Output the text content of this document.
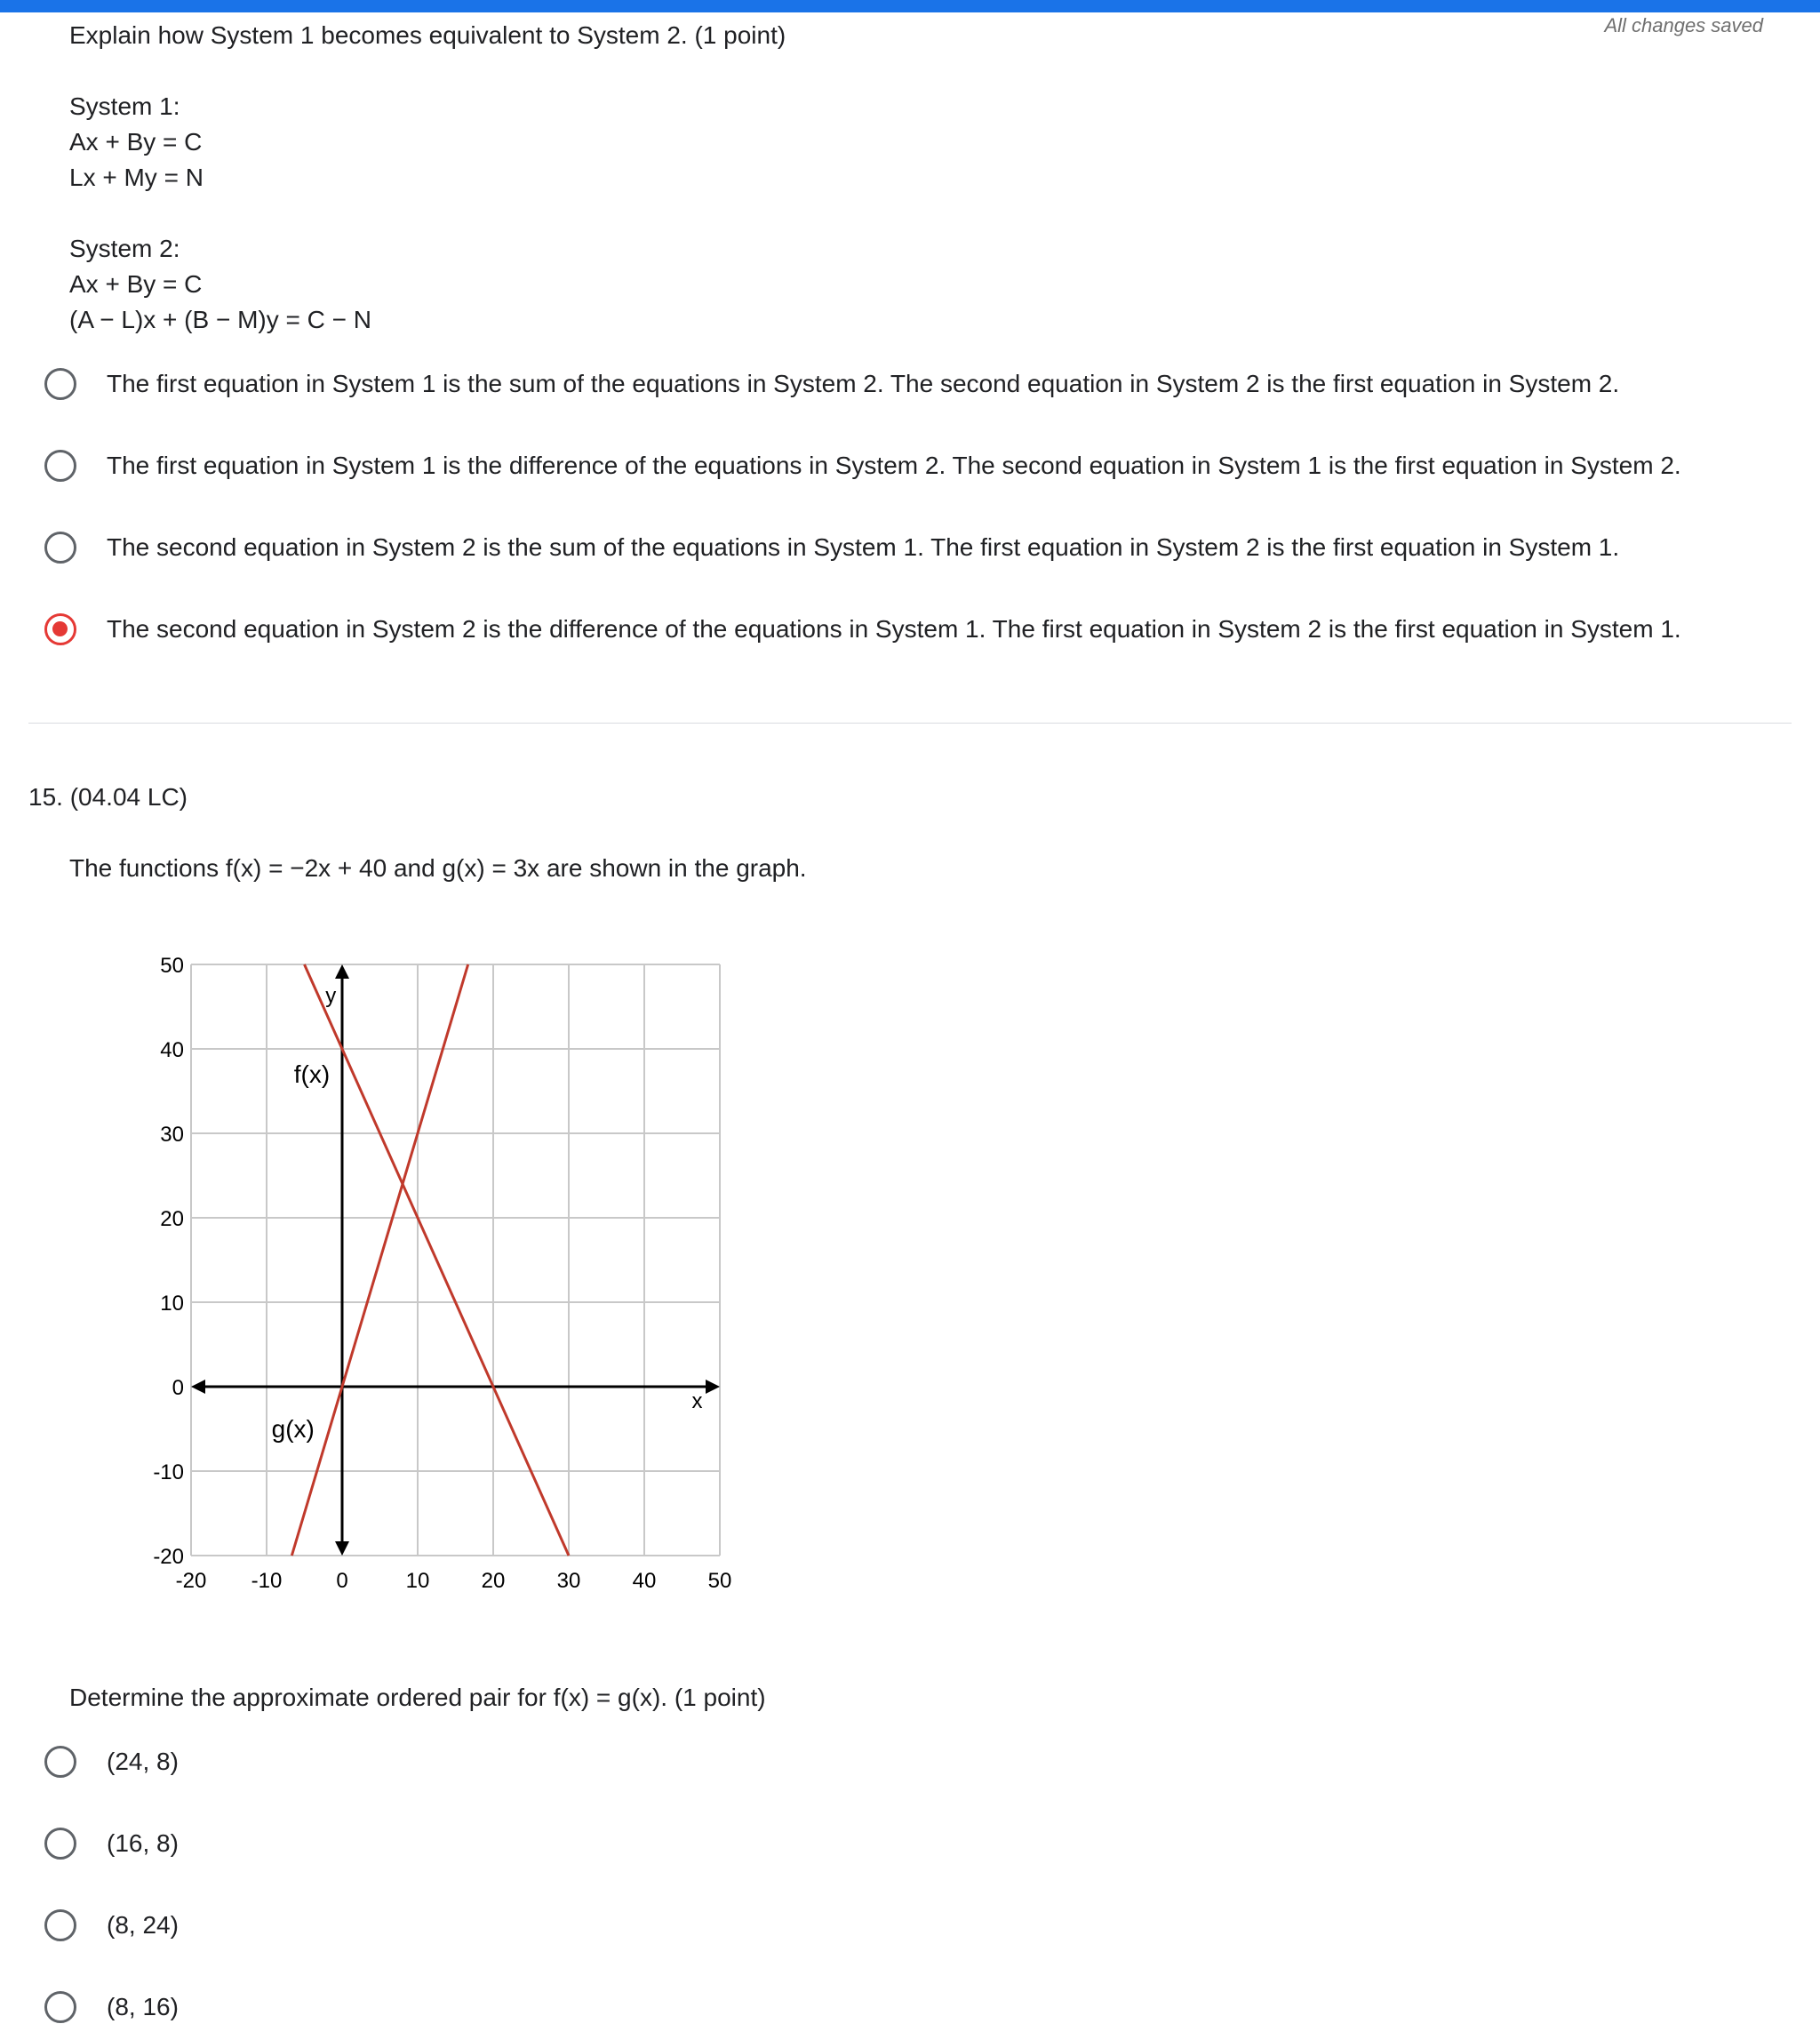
All changes saved
Explain how System 1 becomes equivalent to System 2. (1 point)
System 1:
Ax + By = C
Lx + My = N
System 2:
Ax + By = C
(A − L)x + (B − M)y = C − N
The first equation in System 1 is the sum of the equations in System 2. The second equation in System 2 is the first equation in System 2.
The first equation in System 1 is the difference of the equations in System 2. The second equation in System 1 is the first equation in System 2.
The second equation in System 2 is the sum of the equations in System 1. The first equation in System 2 is the first equation in System 1.
The second equation in System 2 is the difference of the equations in System 1. The first equation in System 2 is the first equation in System 1.
15. (04.04 LC)
The functions f(x) = −2x + 40 and g(x) = 3x are shown in the graph.
-20
-10
0
10
20
30
40
50
-20 -10	0	10 20 30 40 50
x
y
f(x)
g(x)
Determine the approximate ordered pair for f(x) = g(x). (1 point)
(24, 8)
(16, 8)
(8, 24)
(8, 16)
